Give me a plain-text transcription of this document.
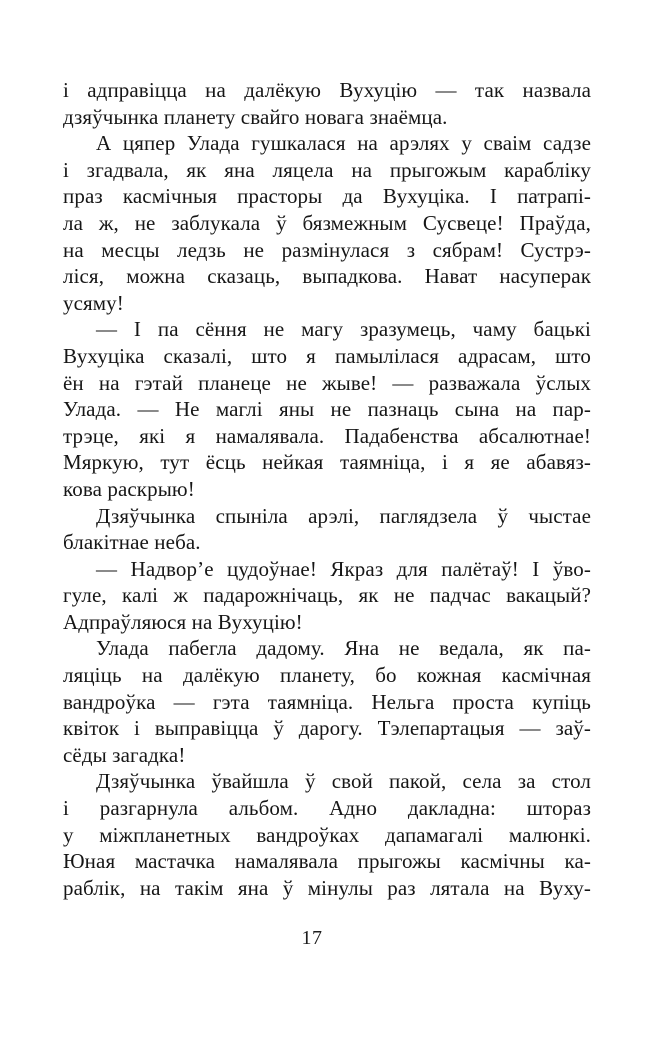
і адправіцца на далёкую Вухуцію — так назвала
дзяўчынка планету свайго новага знаёмца.
А цяпер Улада гушкалася на арэлях у сваім садзе
і згадвала, як яна ляцела на прыгожым карабліку
праз касмічныя прасторы да Вухуціка. І патрапі-
ла ж, не заблукала ў бязмежным Сусвеце! Праўда,
на месцы ледзь не размінулася з сябрам! Сустрэ-
ліся, можна сказаць, выпадкова. Нават насуперак
усяму!
— І па сёння не магу зразумець, чаму бацькі
Вухуціка сказалі, што я памылілася адрасам, што
ён на гэтай планеце не жыве! — разважала ўслых
Улада. — Не маглі яны не пазнаць сына на пар-
трэце, які я намалявала. Падабенства абсалютнае!
Мяркую, тут ёсць нейкая таямніца, і я яе абавяз-
кова раскрыю!
Дзяўчынка спыніла арэлі, паглядзела ў чыстае
блакітнае неба.
— Надвор’е цудоўнае! Якраз для палётаў! І ўво-
гуле, калі ж падарожнічаць, як не падчас вакацый?
Адпраўляюся на Вухуцію!
Улада пабегла дадому. Яна не ведала, як па-
ляціць на далёкую планету, бо кожная касмічная
вандроўка — гэта таямніца. Нельга проста купіць
квіток і выправіцца ў дарогу. Тэлепартацыя — заў-
сёды загадка!
Дзяўчынка ўвайшла ў свой пакой, села за стол
і разгарнула альбом. Адно дакладна: штораз
у міжпланетных вандроўках дапамагалі малюнкі.
Юная мастачка намалявала прыгожы касмічны ка-
раблік, на такім яна ў мінулы раз лятала на Вуху-
17
